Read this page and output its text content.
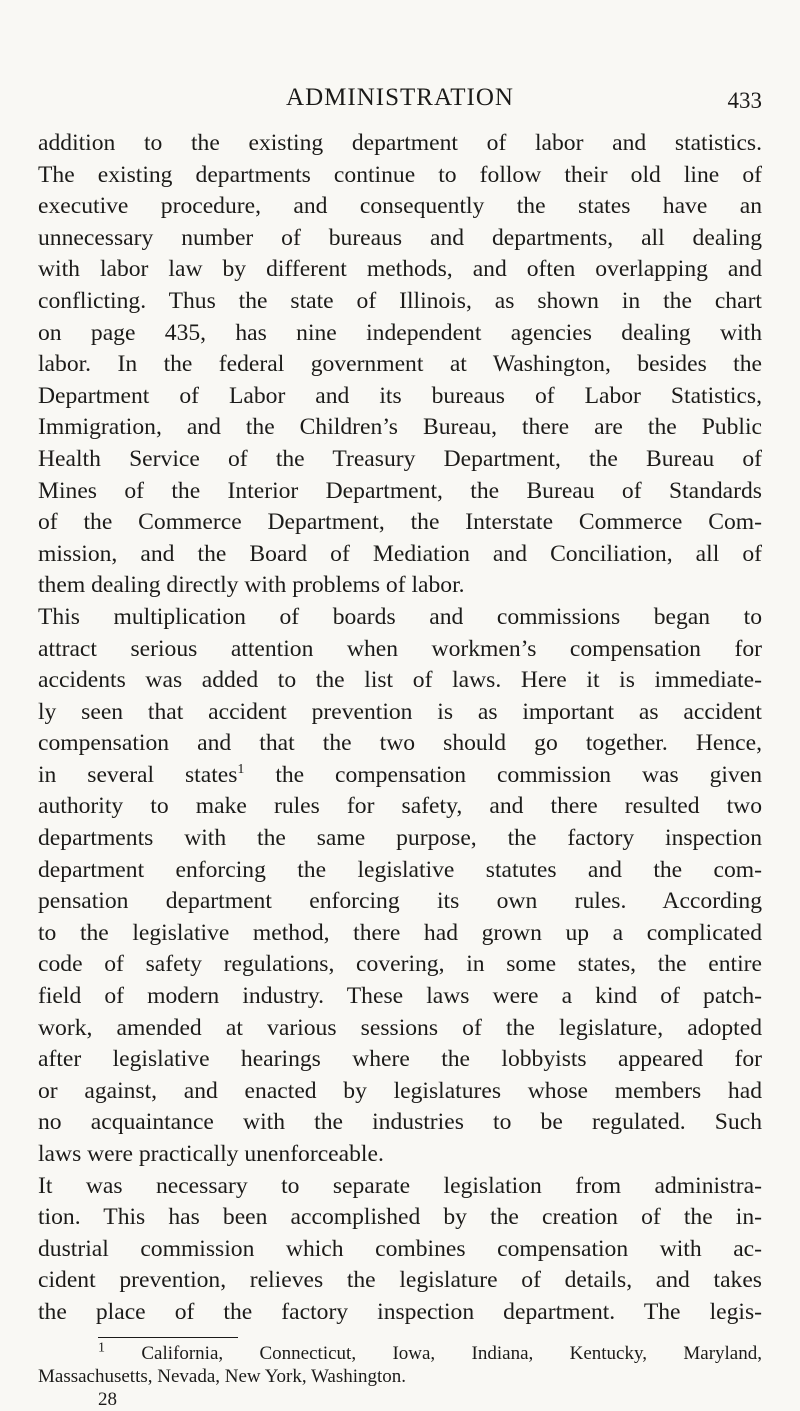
ADMINISTRATION	433
addition to the existing department of labor and statistics.
The existing departments continue to follow their old line of
executive procedure, and consequently the states have an
unnecessary number of bureaus and departments, all dealing
with labor law by different methods, and often overlapping and
conflicting. Thus the state of Illinois, as shown in the chart
on page 435, has nine independent agencies dealing with
labor. In the federal government at Washington, besides the
Department of Labor and its bureaus of Labor Statistics,
Immigration, and the Children’s Bureau, there are the Public
Health Service of the Treasury Department, the Bureau of
Mines of the Interior Department, the Bureau of Standards
of the Commerce Department, the Interstate Commerce Com-
mission, and the Board of Mediation and Conciliation, all of
them dealing directly with problems of labor.
This multiplication of boards and commissions began to
attract serious attention when workmen’s compensation for
accidents was added to the list of laws. Here it is immediate-
ly seen that accident prevention is as important as accident
compensation and that the two should go together. Hence,
in several states$^1$ the compensation commission was given
authority to make rules for safety, and there resulted two
departments with the same purpose, the factory inspection
department enforcing the legislative statutes and the com-
pensation department enforcing its own rules. According
to the legislative method, there had grown up a complicated
code of safety regulations, covering, in some states, the entire
field of modern industry. These laws were a kind of patch-
work, amended at various sessions of the legislature, adopted
after legislative hearings where the lobbyists appeared for
or against, and enacted by legislatures whose members had
no acquaintance with the industries to be regulated. Such
laws were practically unenforceable.
It was necessary to separate legislation from administra-
tion. This has been accomplished by the creation of the in-
dustrial commission which combines compensation with ac-
cident prevention, relieves the legislature of details, and takes
the place of the factory inspection department. The legis-
$^1$ California, Connecticut, Iowa, Indiana, Kentucky, Maryland,
Massachusetts, Nevada, New York, Washington.
28
